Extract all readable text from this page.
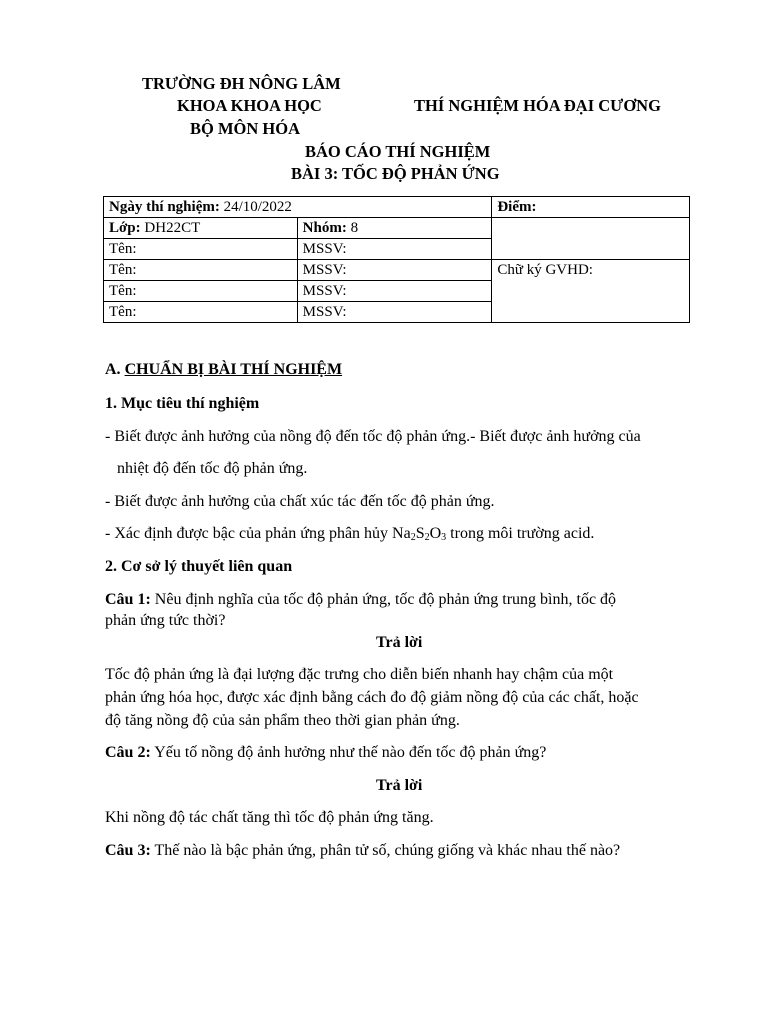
TRƯỜNG ĐH NÔNG LÂM
KHOA KHOA HỌC	THÍ NGHIỆM HÓA ĐẠI CƯƠNG
BỘ MÔN HÓA
BÁO CÁO THÍ NGHIỆM
BÀI 3: TỐC ĐỘ PHẢN ỨNG
Ngày thí nghiệm: 24/10/2022		Điểm:
Lớp: DH22CT	Nhóm: 8	
Tên:	MSSV:	
Tên:	MSSV:	Chữ ký GVHD:
Tên:	MSSV:	
Tên:	MSSV:	
A. CHUẨN BỊ BÀI THÍ NGHIỆM
1. Mục tiêu thí nghiệm
- Biết được ảnh hưởng của nồng độ đến tốc độ phản ứng.- Biết được ảnh hưởng của
nhiệt độ đến tốc độ phản ứng.
- Biết được ảnh hưởng của chất xúc tác đến tốc độ phản ứng.
- Xác định được bậc của phản ứng phân hủy $Na_2S_2O_3$ trong môi trường acid.
2. Cơ sở lý thuyết liên quan
Câu 1: Nêu định nghĩa của tốc độ phản ứng, tốc độ phản ứng trung bình, tốc độ
phản ứng tức thời?
Trả lời
Tốc độ phản ứng là đại lượng đặc trưng cho diễn biến nhanh hay chậm của một
phản ứng hóa học, được xác định bằng cách đo độ giảm nồng độ của các chất, hoặc
độ tăng nồng độ của sản phẩm theo thời gian phản ứng.
Câu 2: Yếu tố nồng độ ảnh hưởng như thế nào đến tốc độ phản ứng?
Trả lời
Khi nồng độ tác chất tăng thì tốc độ phản ứng tăng.
Câu 3: Thế nào là bậc phản ứng, phân tử số, chúng giống và khác nhau thế nào?
